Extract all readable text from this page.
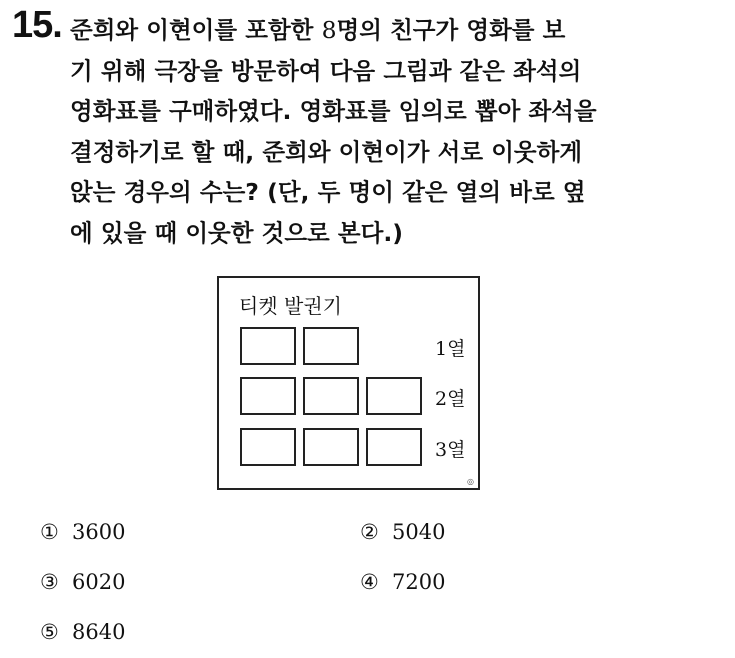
15. 준희와 이현이를 포함한 8명의 친구가 영화를 보
기 위해 극장을 방문하여 다음 그림과 같은 좌석의
영화표를 구매하였다. 영화표를 임의로 뽑아 좌석을
결정하기로 할 때, 준희와 이현이가 서로 이웃하게
앉는 경우의 수는? (단, 두 명이 같은 열의 바로 옆
에 있을 때 이웃한 것으로 본다.)
티켓 발권기
1열
2열
3열
◎
① 3600	② 5040
③ 6020	④ 7200
⑤ 8640
